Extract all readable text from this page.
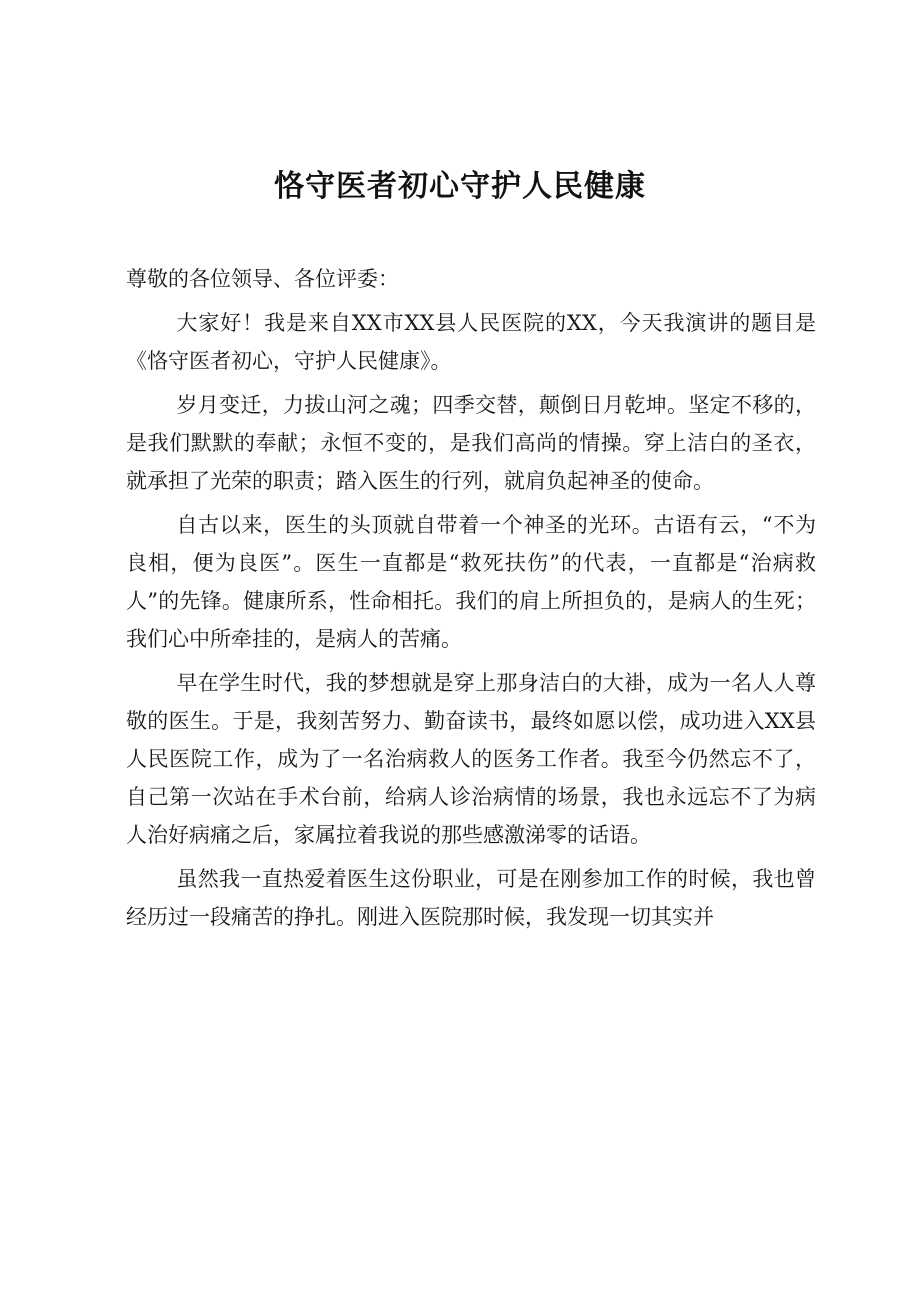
恪守医者初心守护人民健康

尊敬的各位领导、各位评委：

大家好！我是来自XX市XX县人民医院的XX，今天我演讲的题目是《恪守医者初心，守护人民健康》。

岁月变迁，力拔山河之魂；四季交替，颠倒日月乾坤。坚定不移的，是我们默默的奉献；永恒不变的，是我们高尚的情操。穿上洁白的圣衣，就承担了光荣的职责；踏入医生的行列，就肩负起神圣的使命。

自古以来，医生的头顶就自带着一个神圣的光环。古语有云，“不为良相，便为良医”。医生一直都是“救死扶伤”的代表，一直都是“治病救人”的先锋。健康所系，性命相托。我们的肩上所担负的，是病人的生死；我们心中所牵挂的，是病人的苦痛。

早在学生时代，我的梦想就是穿上那身洁白的大褂，成为一名人人尊敬的医生。于是，我刻苦努力、勤奋读书，最终如愿以偿，成功进入XX县人民医院工作，成为了一名治病救人的医务工作者。我至今仍然忘不了，自己第一次站在手术台前，给病人诊治病情的场景，我也永远忘不了为病人治好病痛之后，家属拉着我说的那些感激涕零的话语。

虽然我一直热爱着医生这份职业，可是在刚参加工作的时候，我也曾经历过一段痛苦的挣扎。刚进入医院那时候，我发现一切其实并
